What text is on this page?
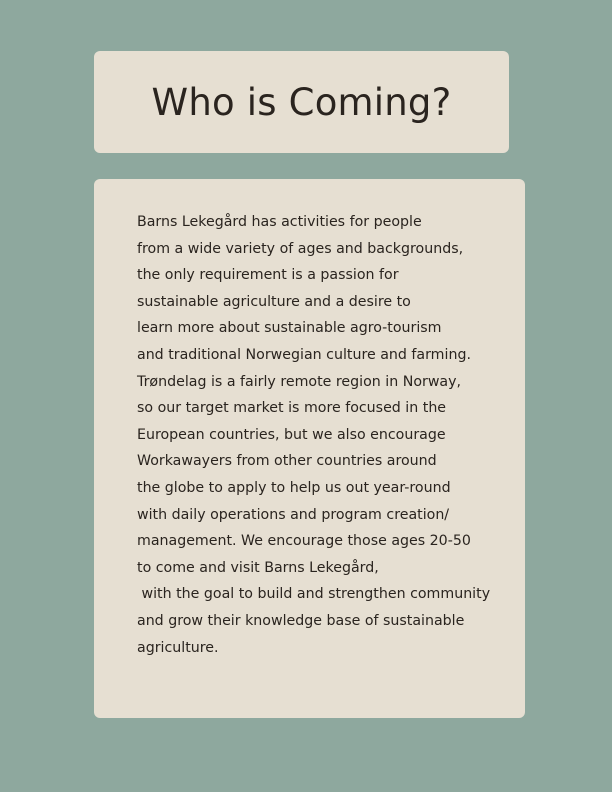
Who is Coming?
Barns Lekegård has activities for people
from a wide variety of ages and backgrounds,
the only requirement is a passion for
sustainable agriculture and a desire to
learn more about sustainable agro-tourism
and traditional Norwegian culture and farming.
Trøndelag is a fairly remote region in Norway,
so our target market is more focused in the
European countries, but we also encourage
Workawayers from other countries around
the globe to apply to help us out year-round
with daily operations and program creation/
management. We encourage those ages 20-50
to come and visit Barns Lekegård,
with the goal to build and strengthen community
and grow their knowledge base of sustainable
agriculture.
